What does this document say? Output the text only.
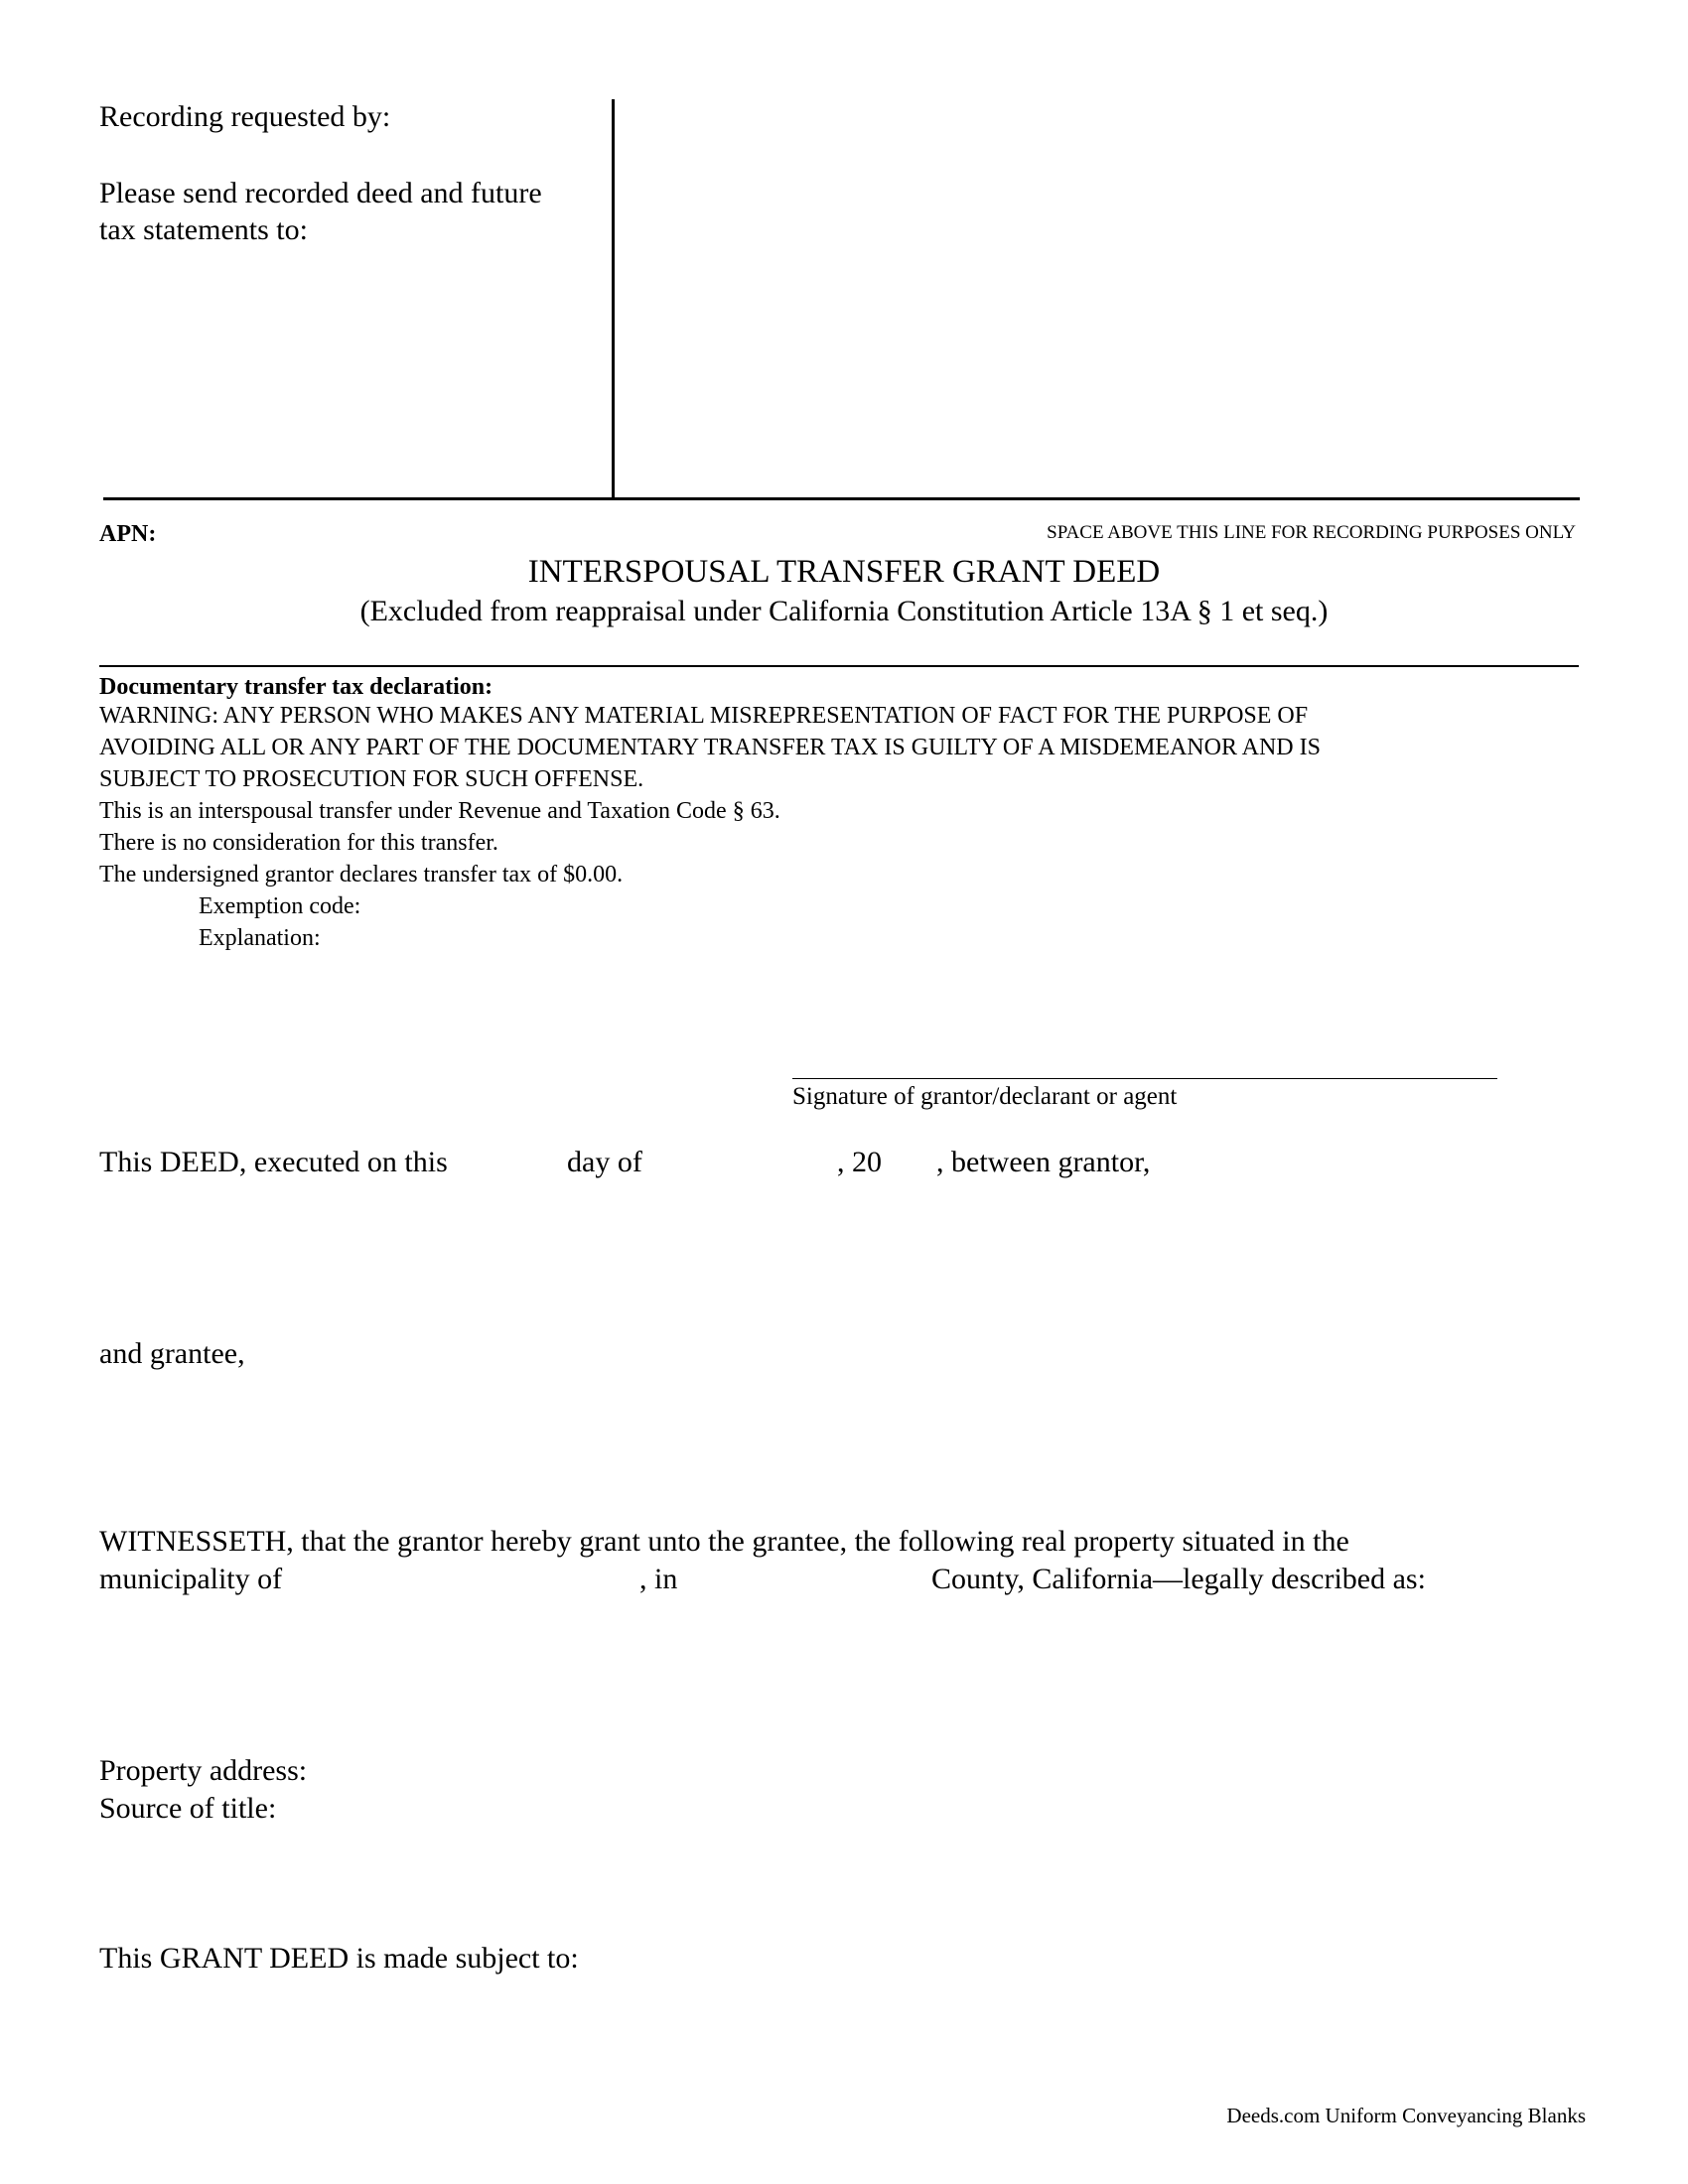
Recording requested by:
Please send recorded deed and future
tax statements to:
APN:	SPACE ABOVE THIS LINE FOR RECORDING PURPOSES ONLY
INTERSPOUSAL TRANSFER GRANT DEED
(Excluded from reappraisal under California Constitution Article 13A § 1 et seq.)
Documentary transfer tax declaration:
WARNING: ANY PERSON WHO MAKES ANY MATERIAL MISREPRESENTATION OF FACT FOR THE PURPOSE OF
AVOIDING ALL OR ANY PART OF THE DOCUMENTARY TRANSFER TAX IS GUILTY OF A MISDEMEANOR AND IS
SUBJECT TO PROSECUTION FOR SUCH OFFENSE.
This is an interspousal transfer under Revenue and Taxation Code § 63.
There is no consideration for this transfer.
The undersigned grantor declares transfer tax of $0.00.
Exemption code:
Explanation:
Signature of grantor/declarant or agent
This DEED, executed on this	day of	, 20 , between grantor,
and grantee,
WITNESSETH, that the grantor hereby grant unto the grantee, the following real property situated in the
municipality of	, in	County, California—legally described as:
Property address:
Source of title:
This GRANT DEED is made subject to:
Deeds.com Uniform Conveyancing Blanks
